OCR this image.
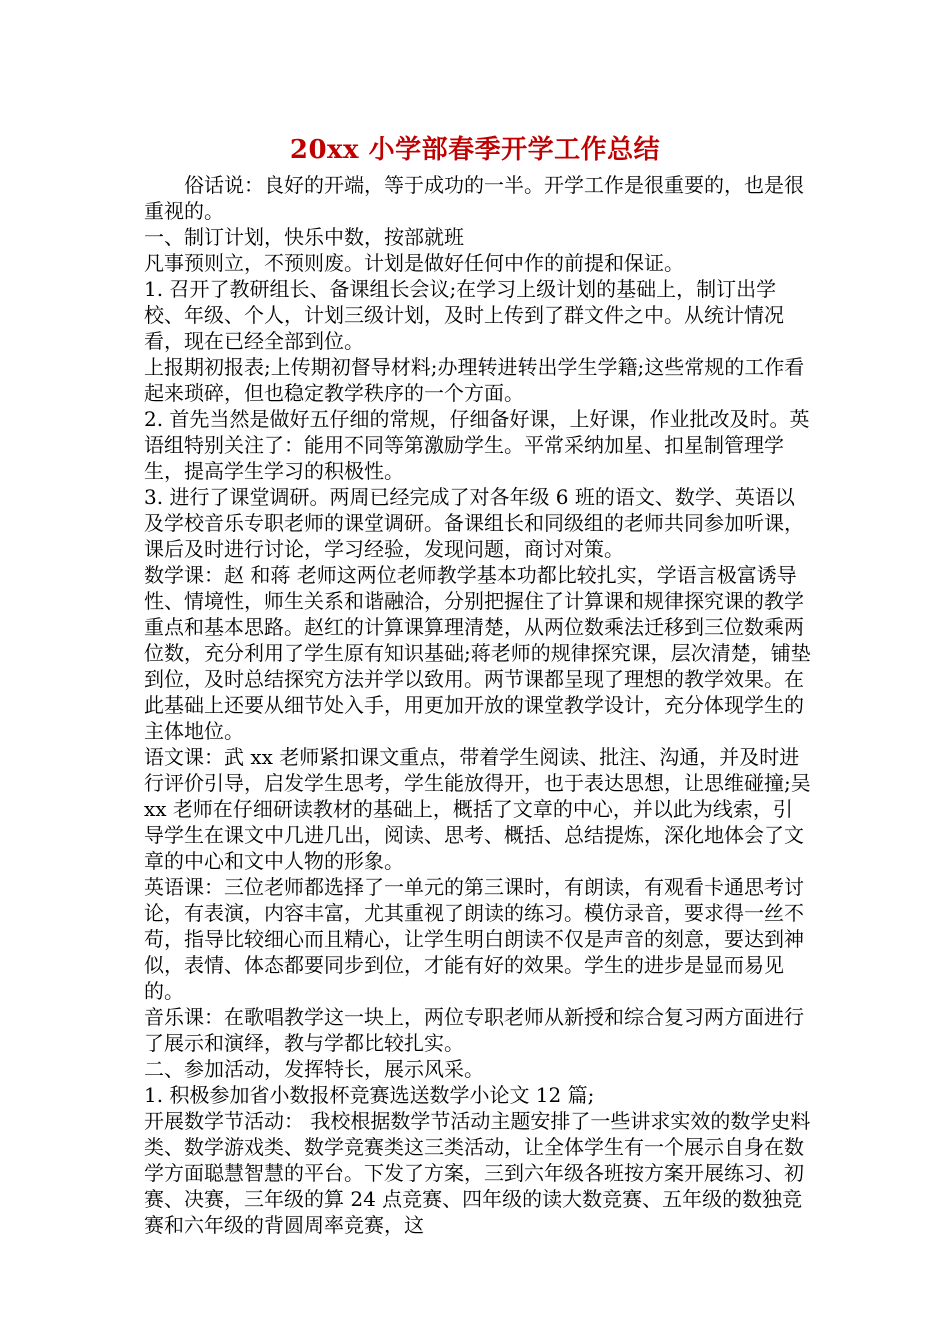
20xx 小学部春季开学工作总结

俗话说：良好的开端，等于成功的一半。开学工作是很重要的，也是很重视的。

一、制订计划，快乐中数，按部就班

凡事预则立，不预则废。计划是做好任何中作的前提和保证。

1. 召开了教研组长、备课组长会议;在学习上级计划的基础上，制订出学校、年级、个人，计划三级计划，及时上传到了群文件之中。从统计情况看，现在已经全部到位。

上报期初报表;上传期初督导材料;办理转进转出学生学籍;这些常规的工作看起来琐碎，但也稳定教学秩序的一个方面。

2. 首先当然是做好五仔细的常规，仔细备好课，上好课，作业批改及时。英语组特别关注了：能用不同等第激励学生。平常采纳加星、扣星制管理学生，提高学生学习的积极性。

3. 进行了课堂调研。两周已经完成了对各年级 6 班的语文、数学、英语以及学校音乐专职老师的课堂调研。备课组长和同级组的老师共同参加听课，课后及时进行讨论，学习经验，发现问题，商讨对策。

数学课：赵 和蒋 老师这两位老师教学基本功都比较扎实，学语言极富诱导性、情境性，师生关系和谐融洽，分别把握住了计算课和规律探究课的教学重点和基本思路。赵红的计算课算理清楚，从两位数乘法迁移到三位数乘两位数，充分利用了学生原有知识基础;蒋老师的规律探究课，层次清楚，铺垫到位，及时总结探究方法并学以致用。两节课都呈现了理想的教学效果。在此基础上还要从细节处入手，用更加开放的课堂教学设计，充分体现学生的主体地位。

语文课：武 xx 老师紧扣课文重点，带着学生阅读、批注、沟通，并及时进行评价引导，启发学生思考，学生能放得开，也于表达思想，让思维碰撞;吴 xx 老师在仔细研读教材的基础上，概括了文章的中心，并以此为线索，引导学生在课文中几进几出，阅读、思考、概括、总结提炼，深化地体会了文章的中心和文中人物的形象。

英语课：三位老师都选择了一单元的第三课时，有朗读，有观看卡通思考讨论，有表演，内容丰富，尤其重视了朗读的练习。模仿录音，要求得一丝不苟，指导比较细心而且精心，让学生明白朗读不仅是声音的刻意，要达到神似，表情、体态都要同步到位，才能有好的效果。学生的进步是显而易见的。

音乐课：在歌唱教学这一块上，两位专职老师从新授和综合复习两方面进行了展示和演绎，教与学都比较扎实。

二、参加活动，发挥特长，展示风采。

1. 积极参加省小数报杯竞赛选送数学小论文 12 篇;

开展数学节活动： 我校根据数学节活动主题安排了一些讲求实效的数学史料类、数学游戏类、数学竞赛类这三类活动，让全体学生有一个展示自身在数学方面聪慧智慧的平台。下发了方案，三到六年级各班按方案开展练习、初赛、决赛，三年级的算 24 点竞赛、四年级的读大数竞赛、五年级的数独竞赛和六年级的背圆周率竞赛，这
